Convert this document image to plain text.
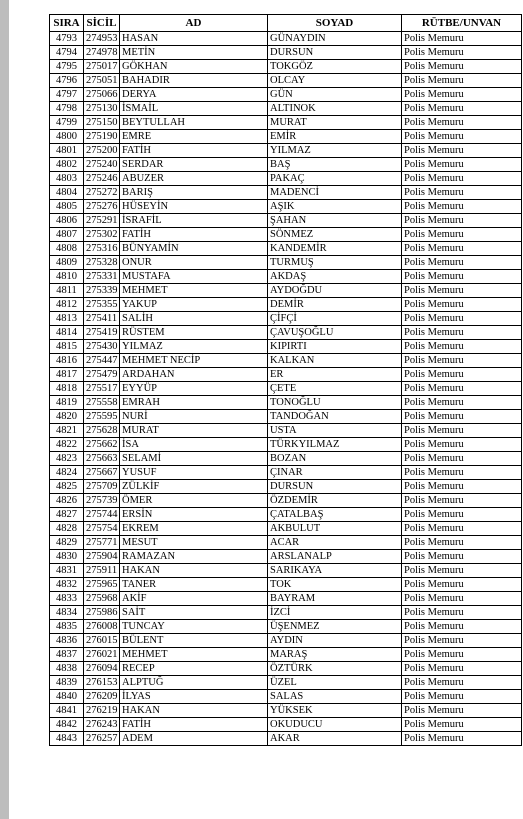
SIRA	SİCİL	AD	SOYAD	RÜTBE/UNVAN
4793	274953	HASAN	GÜNAYDIN	Polis Memuru
4794	274978	METİN	DURSUN	Polis Memuru
4795	275017	GÖKHAN	TOKGÖZ	Polis Memuru
4796	275051	BAHADIR	OLCAY	Polis Memuru
4797	275066	DERYA	GÜN	Polis Memuru
4798	275130	İSMAİL	ALTINOK	Polis Memuru
4799	275150	BEYTULLAH	MURAT	Polis Memuru
4800	275190	EMRE	EMİR	Polis Memuru
4801	275200	FATİH	YILMAZ	Polis Memuru
4802	275240	SERDAR	BAŞ	Polis Memuru
4803	275246	ABUZER	PAKAÇ	Polis Memuru
4804	275272	BARIŞ	MADENCİ	Polis Memuru
4805	275276	HÜSEYİN	AŞIK	Polis Memuru
4806	275291	İSRAFİL	ŞAHAN	Polis Memuru
4807	275302	FATİH	SÖNMEZ	Polis Memuru
4808	275316	BÜNYAMİN	KANDEMİR	Polis Memuru
4809	275328	ONUR	TURMUŞ	Polis Memuru
4810	275331	MUSTAFA	AKDAŞ	Polis Memuru
4811	275339	MEHMET	AYDOĞDU	Polis Memuru
4812	275355	YAKUP	DEMİR	Polis Memuru
4813	275411	SALİH	ÇİFÇİ	Polis Memuru
4814	275419	RÜSTEM	ÇAVUŞOĞLU	Polis Memuru
4815	275430	YILMAZ	KIPIRTI	Polis Memuru
4816	275447	MEHMET NECİP	KALKAN	Polis Memuru
4817	275479	ARDAHAN	ER	Polis Memuru
4818	275517	EYYÜP	ÇETE	Polis Memuru
4819	275558	EMRAH	TONOĞLU	Polis Memuru
4820	275595	NURİ	TANDOĞAN	Polis Memuru
4821	275628	MURAT	USTA	Polis Memuru
4822	275662	İSA	TÜRKYILMAZ	Polis Memuru
4823	275663	SELAMİ	BOZAN	Polis Memuru
4824	275667	YUSUF	ÇINAR	Polis Memuru
4825	275709	ZÜLKİF	DURSUN	Polis Memuru
4826	275739	ÖMER	ÖZDEMİR	Polis Memuru
4827	275744	ERSİN	ÇATALBAŞ	Polis Memuru
4828	275754	EKREM	AKBULUT	Polis Memuru
4829	275771	MESUT	ACAR	Polis Memuru
4830	275904	RAMAZAN	ARSLANALP	Polis Memuru
4831	275911	HAKAN	SARIKAYA	Polis Memuru
4832	275965	TANER	TOK	Polis Memuru
4833	275968	AKİF	BAYRAM	Polis Memuru
4834	275986	SAİT	İZCİ	Polis Memuru
4835	276008	TUNCAY	ÜŞENMEZ	Polis Memuru
4836	276015	BÜLENT	AYDIN	Polis Memuru
4837	276021	MEHMET	MARAŞ	Polis Memuru
4838	276094	RECEP	ÖZTÜRK	Polis Memuru
4839	276153	ALPTUĞ	ÜZEL	Polis Memuru
4840	276209	İLYAS	SALAS	Polis Memuru
4841	276219	HAKAN	YÜKSEK	Polis Memuru
4842	276243	FATİH	OKUDUCU	Polis Memuru
4843	276257	ADEM	AKAR	Polis Memuru
